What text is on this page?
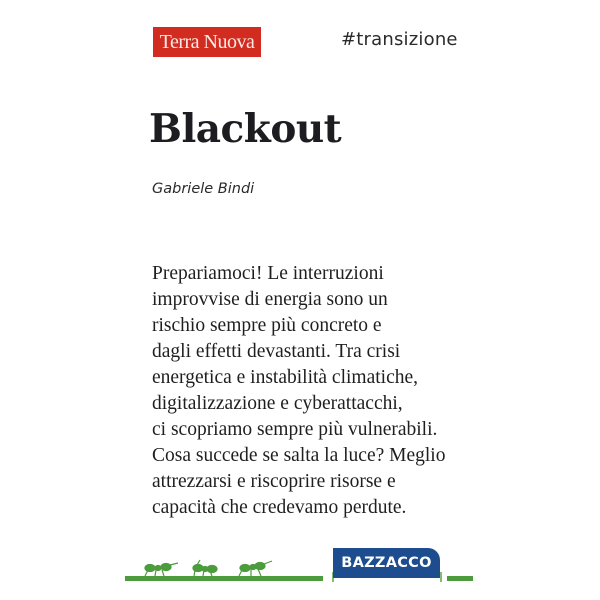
Terra Nuova	#transizione
Blackout
Gabriele Bindi
Prepariamoci! Le interruzioni
improvvise di energia sono un
rischio sempre più concreto e
dagli effetti devastanti. Tra crisi
energetica e instabilità climatiche,
digitalizzazione e cyberattacchi,
ci scopriamo sempre più vulnerabili.
Cosa succede se salta la luce? Meglio
attrezzarsi e riscoprire risorse e
capacità che credevamo perdute.
BAZZACCO
